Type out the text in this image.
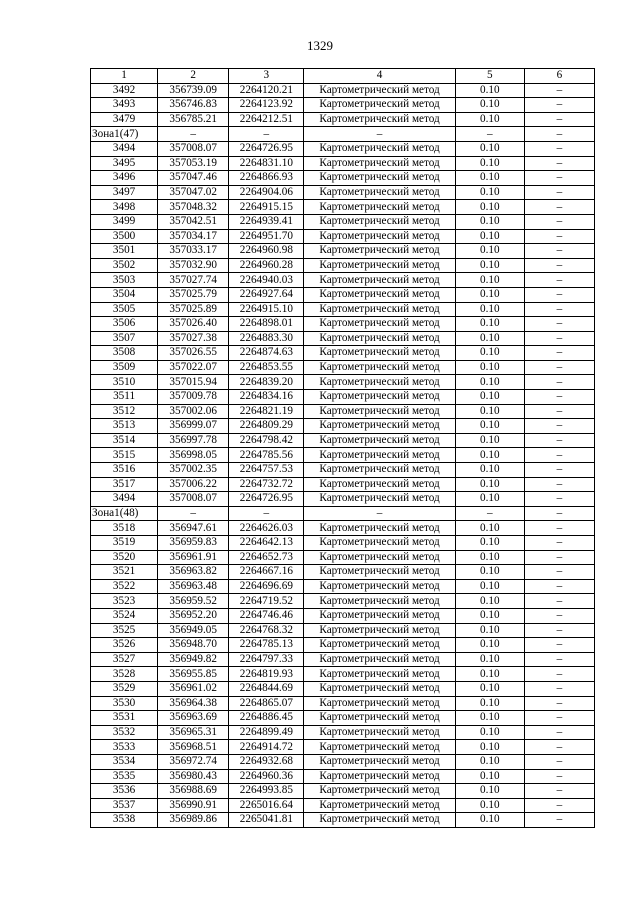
1329
1	2	3	4	5	6
3492	356739.09	2264120.21	Картометрический метод	0.10	–
3493	356746.83	2264123.92	Картометрический метод	0.10	–
3479	356785.21	2264212.51	Картометрический метод	0.10	–
Зона1(47)	–	–	–	–	–
3494	357008.07	2264726.95	Картометрический метод	0.10	–
3495	357053.19	2264831.10	Картометрический метод	0.10	–
3496	357047.46	2264866.93	Картометрический метод	0.10	–
3497	357047.02	2264904.06	Картометрический метод	0.10	–
3498	357048.32	2264915.15	Картометрический метод	0.10	–
3499	357042.51	2264939.41	Картометрический метод	0.10	–
3500	357034.17	2264951.70	Картометрический метод	0.10	–
3501	357033.17	2264960.98	Картометрический метод	0.10	–
3502	357032.90	2264960.28	Картометрический метод	0.10	–
3503	357027.74	2264940.03	Картометрический метод	0.10	–
3504	357025.79	2264927.64	Картометрический метод	0.10	–
3505	357025.89	2264915.10	Картометрический метод	0.10	–
3506	357026.40	2264898.01	Картометрический метод	0.10	–
3507	357027.38	2264883.30	Картометрический метод	0.10	–
3508	357026.55	2264874.63	Картометрический метод	0.10	–
3509	357022.07	2264853.55	Картометрический метод	0.10	–
3510	357015.94	2264839.20	Картометрический метод	0.10	–
3511	357009.78	2264834.16	Картометрический метод	0.10	–
3512	357002.06	2264821.19	Картометрический метод	0.10	–
3513	356999.07	2264809.29	Картометрический метод	0.10	–
3514	356997.78	2264798.42	Картометрический метод	0.10	–
3515	356998.05	2264785.56	Картометрический метод	0.10	–
3516	357002.35	2264757.53	Картометрический метод	0.10	–
3517	357006.22	2264732.72	Картометрический метод	0.10	–
3494	357008.07	2264726.95	Картометрический метод	0.10	–
Зона1(48)	–	–	–	–	–
3518	356947.61	2264626.03	Картометрический метод	0.10	–
3519	356959.83	2264642.13	Картометрический метод	0.10	–
3520	356961.91	2264652.73	Картометрический метод	0.10	–
3521	356963.82	2264667.16	Картометрический метод	0.10	–
3522	356963.48	2264696.69	Картометрический метод	0.10	–
3523	356959.52	2264719.52	Картометрический метод	0.10	–
3524	356952.20	2264746.46	Картометрический метод	0.10	–
3525	356949.05	2264768.32	Картометрический метод	0.10	–
3526	356948.70	2264785.13	Картометрический метод	0.10	–
3527	356949.82	2264797.33	Картометрический метод	0.10	–
3528	356955.85	2264819.93	Картометрический метод	0.10	–
3529	356961.02	2264844.69	Картометрический метод	0.10	–
3530	356964.38	2264865.07	Картометрический метод	0.10	–
3531	356963.69	2264886.45	Картометрический метод	0.10	–
3532	356965.31	2264899.49	Картометрический метод	0.10	–
3533	356968.51	2264914.72	Картометрический метод	0.10	–
3534	356972.74	2264932.68	Картометрический метод	0.10	–
3535	356980.43	2264960.36	Картометрический метод	0.10	–
3536	356988.69	2264993.85	Картометрический метод	0.10	–
3537	356990.91	2265016.64	Картометрический метод	0.10	–
3538	356989.86	2265041.81	Картометрический метод	0.10	–
